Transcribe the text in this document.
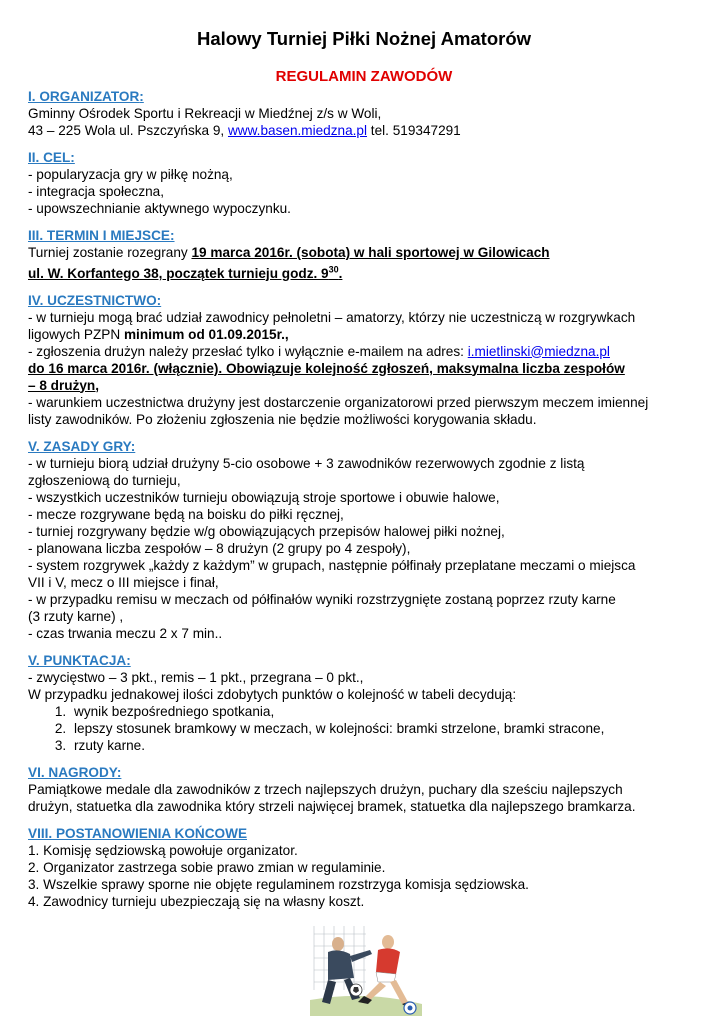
Halowy Turniej Piłki Nożnej Amatorów
REGULAMIN ZAWODÓW
I. ORGANIZATOR:
Gminny Ośrodek Sportu i Rekreacji w Miedźnej z/s w Woli,
43 – 225 Wola ul. Pszczyńska 9, www.basen.miedzna.pl tel. 519347291
II. CEL:
- popularyzacja gry w piłkę nożną,
- integracja społeczna,
- upowszechnianie aktywnego wypoczynku.
III. TERMIN I MIEJSCE:
Turniej zostanie rozegrany 19 marca 2016r. (sobota) w hali sportowej w Gilowicach
ul. W. Korfantego 38, początek turnieju godz. $9^{30}$.
IV. UCZESTNICTWO:
- w turnieju mogą brać udział zawodnicy pełnoletni – amatorzy, którzy nie uczestniczą w rozgrywkach
ligowych PZPN minimum od 01.09.2015r.,
- zgłoszenia drużyn należy przesłać tylko i wyłącznie e-mailem na adres: i.mietlinski@miedzna.pl
do 16 marca 2016r. (włącznie). Obowiązuje kolejność zgłoszeń, maksymalna liczba zespołów
– 8 drużyn,
- warunkiem uczestnictwa drużyny jest dostarczenie organizatorowi przed pierwszym meczem imiennej
listy zawodników. Po złożeniu zgłoszenia nie będzie możliwości korygowania składu.
V. ZASADY GRY:
- w turnieju biorą udział drużyny 5-cio osobowe + 3 zawodników rezerwowych zgodnie z listą
zgłoszeniową do turnieju,
- wszystkich uczestników turnieju obowiązują stroje sportowe i obuwie halowe,
- mecze rozgrywane będą na boisku do piłki ręcznej,
- turniej rozgrywany będzie w/g obowiązujących przepisów halowej piłki nożnej,
- planowana liczba zespołów – 8 drużyn (2 grupy po 4 zespoły),
- system rozgrywek „każdy z każdym” w grupach, następnie półfinały przeplatane meczami o miejsca
VII i V, mecz o III miejsce i finał,
- w przypadku remisu w meczach od półfinałów wyniki rozstrzygnięte zostaną poprzez rzuty karne
(3 rzuty karne) ,
- czas trwania meczu 2 x 7 min..
V. PUNKTACJA:
- zwycięstwo – 3 pkt., remis – 1 pkt., przegrana – 0 pkt.,
W przypadku jednakowej ilości zdobytych punktów o kolejność w tabeli decydują:
1. wynik bezpośredniego spotkania,
2. lepszy stosunek bramkowy w meczach, w kolejności: bramki strzelone, bramki stracone,
3. rzuty karne.
VI. NAGRODY:
Pamiątkowe medale dla zawodników z trzech najlepszych drużyn, puchary dla sześciu najlepszych
drużyn, statuetka dla zawodnika który strzeli najwięcej bramek, statuetka dla najlepszego bramkarza.
VIII. POSTANOWIENIA KOŃCOWE
1. Komisję sędziowską powołuje organizator.
2. Organizator zastrzega sobie prawo zmian w regulaminie.
3. Wszelkie sprawy sporne nie objęte regulaminem rozstrzyga komisja sędziowska.
4. Zawodnicy turnieju ubezpieczają się na własny koszt.
